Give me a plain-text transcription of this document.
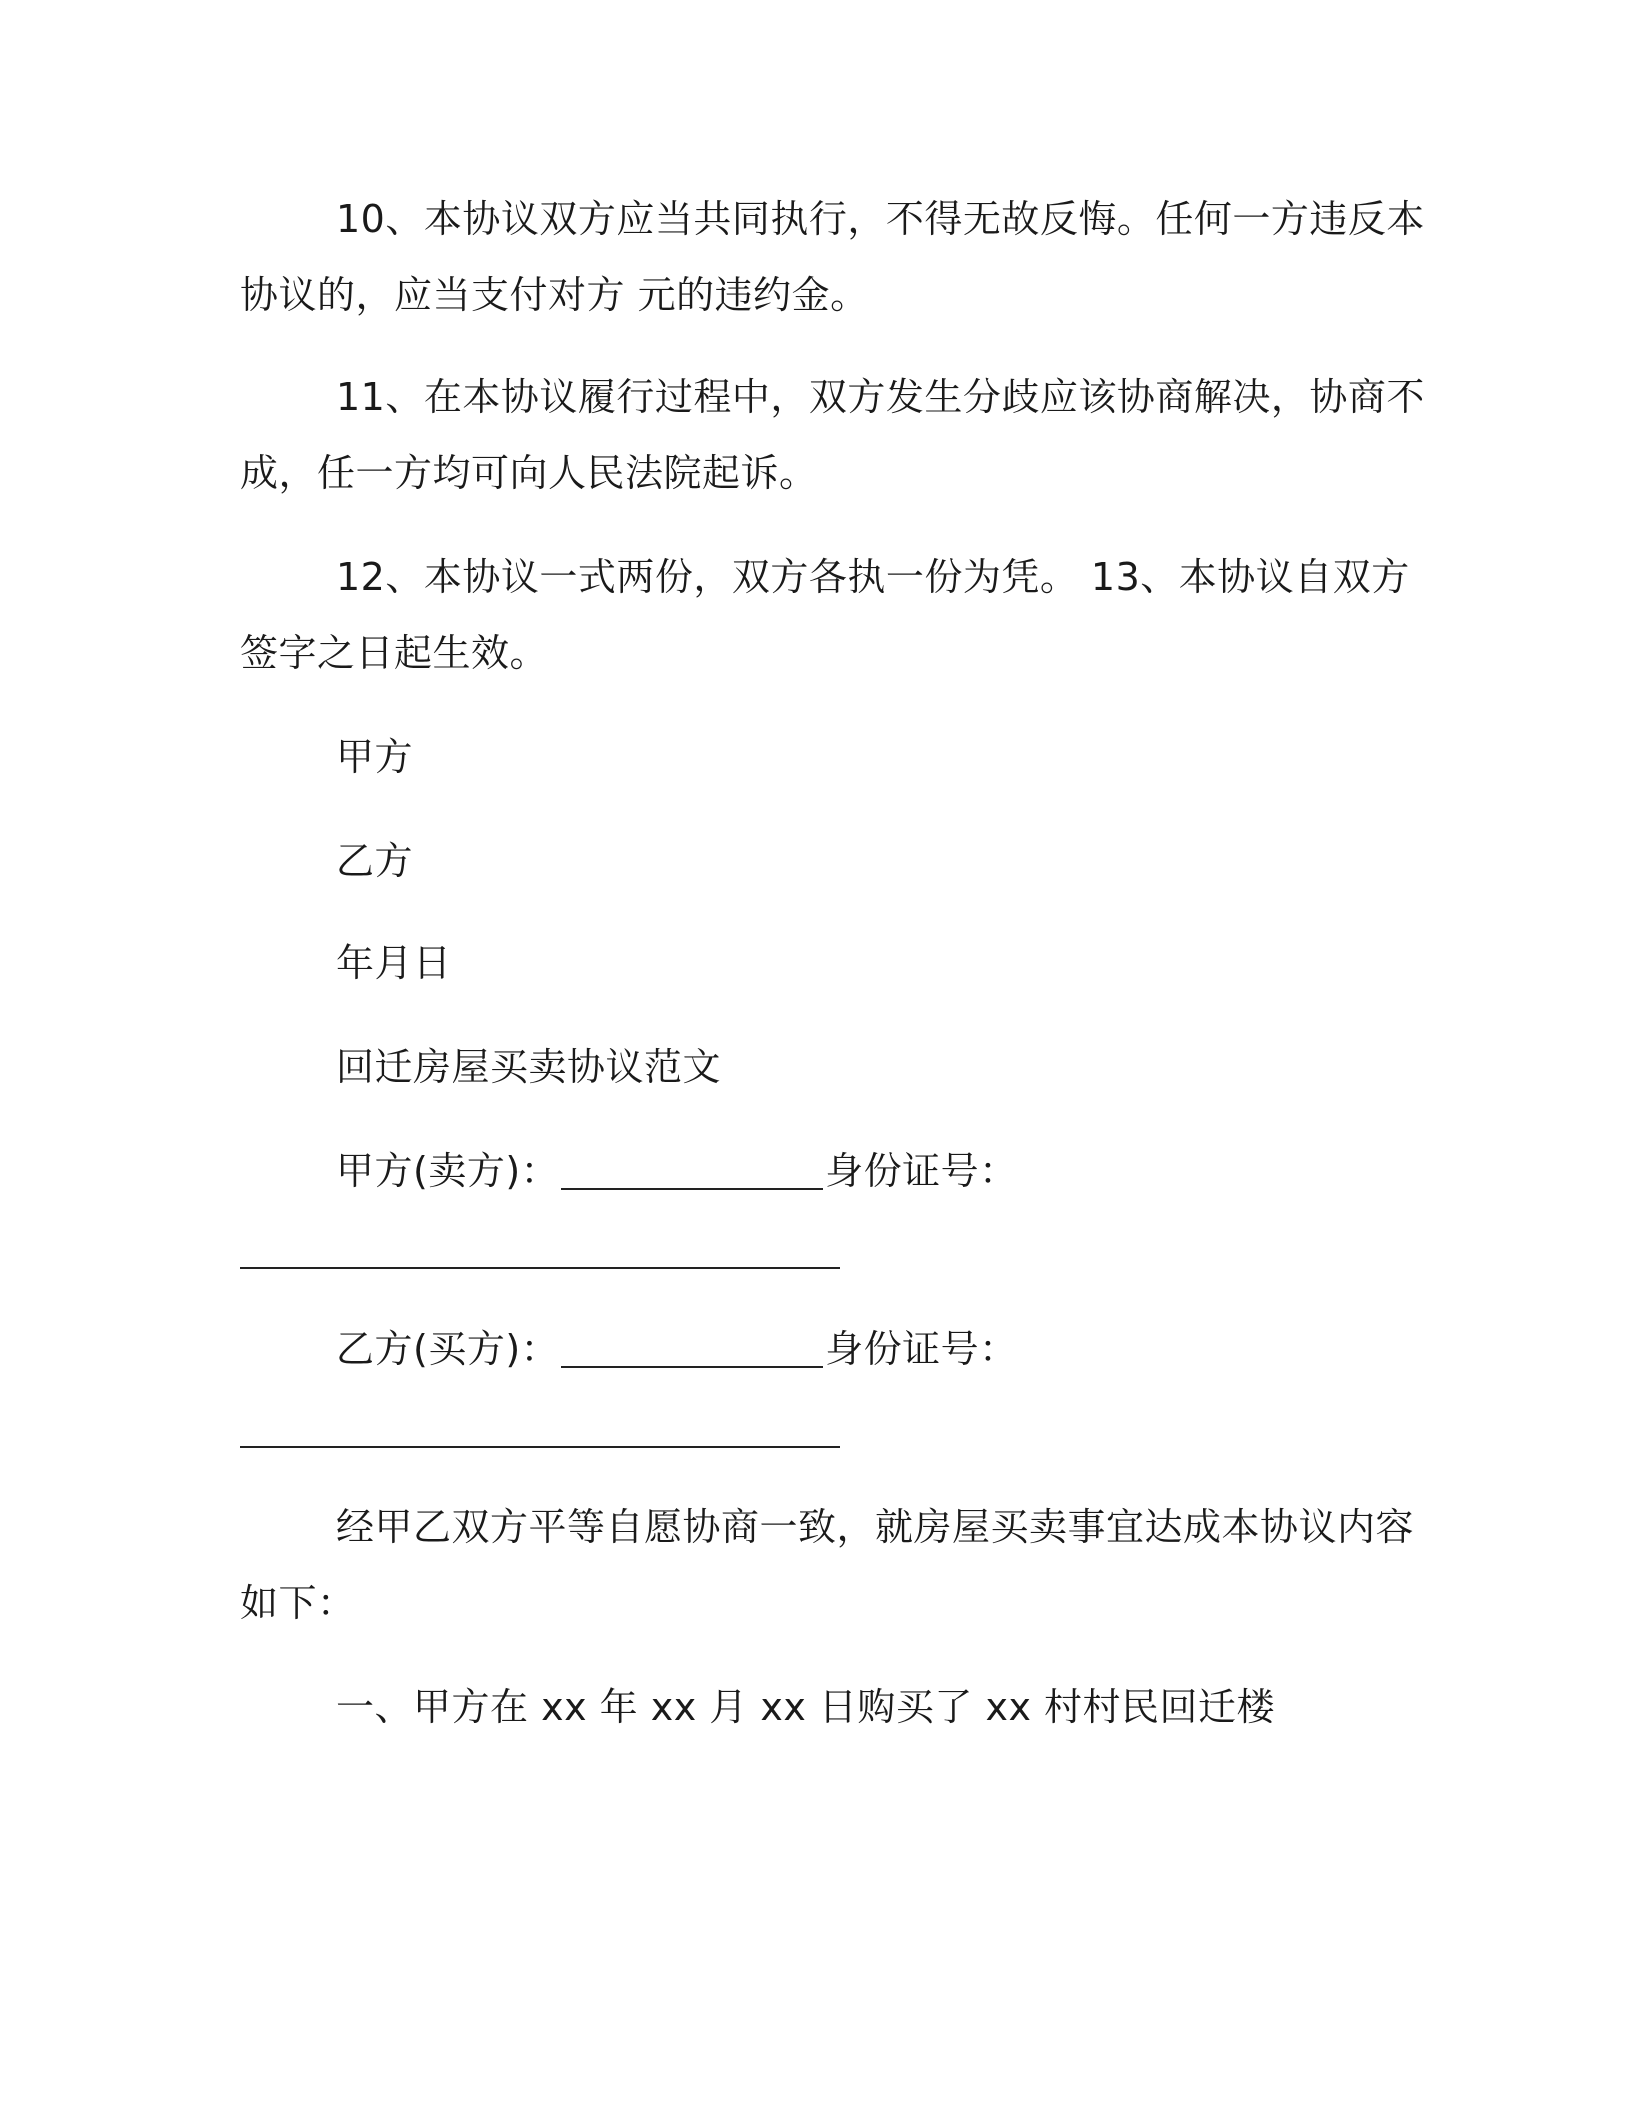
10、本协议双方应当共同执行，不得无故反悔。任何一方违反本
协议的，应当支付对方 元的违约金。
11、在本协议履行过程中，双方发生分歧应该协商解决，协商不
成，任一方均可向人民法院起诉。
12、本协议一式两份，双方各执一份为凭。 13、本协议自双方
签字之日起生效。
甲方
乙方
年月日
回迁房屋买卖协议范文
甲方(卖方)：	身份证号：
乙方(买方)：	身份证号：
经甲乙双方平等自愿协商一致，就房屋买卖事宜达成本协议内容
如下：
一、甲方在 xx 年 xx 月 xx 日购买了 xx 村村民回迁楼
